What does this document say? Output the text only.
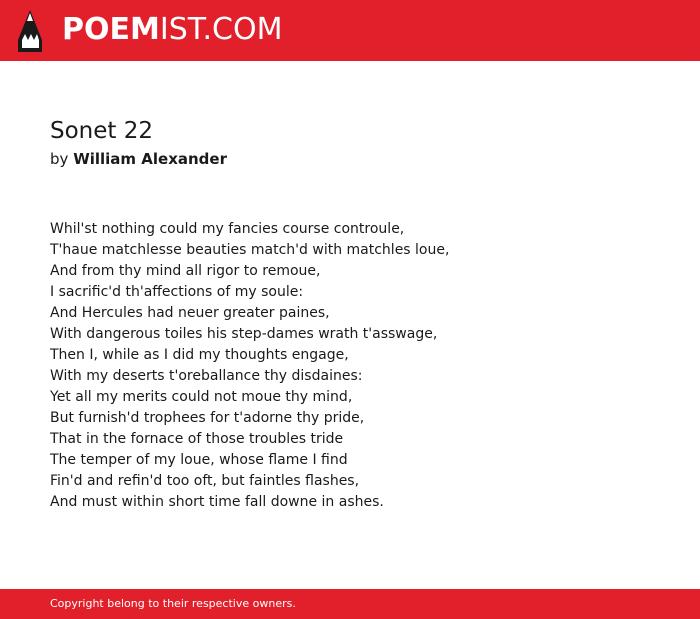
POEMIST.COM
Sonet 22
by William Alexander
Whil'st nothing could my fancies course controule,
T'haue matchlesse beauties match'd with matchles loue,
And from thy mind all rigor to remoue,
I sacrific'd th'affections of my soule:
And Hercules had neuer greater paines,
With dangerous toiles his step-dames wrath t'asswage,
Then I, while as I did my thoughts engage,
With my deserts t'oreballance thy disdaines:
Yet all my merits could not moue thy mind,
But furnish'd trophees for t'adorne thy pride,
That in the fornace of those troubles tride
The temper of my loue, whose flame I find
Fin'd and refin'd too oft, but faintles flashes,
And must within short time fall downe in ashes.
Copyright belong to their respective owners.
